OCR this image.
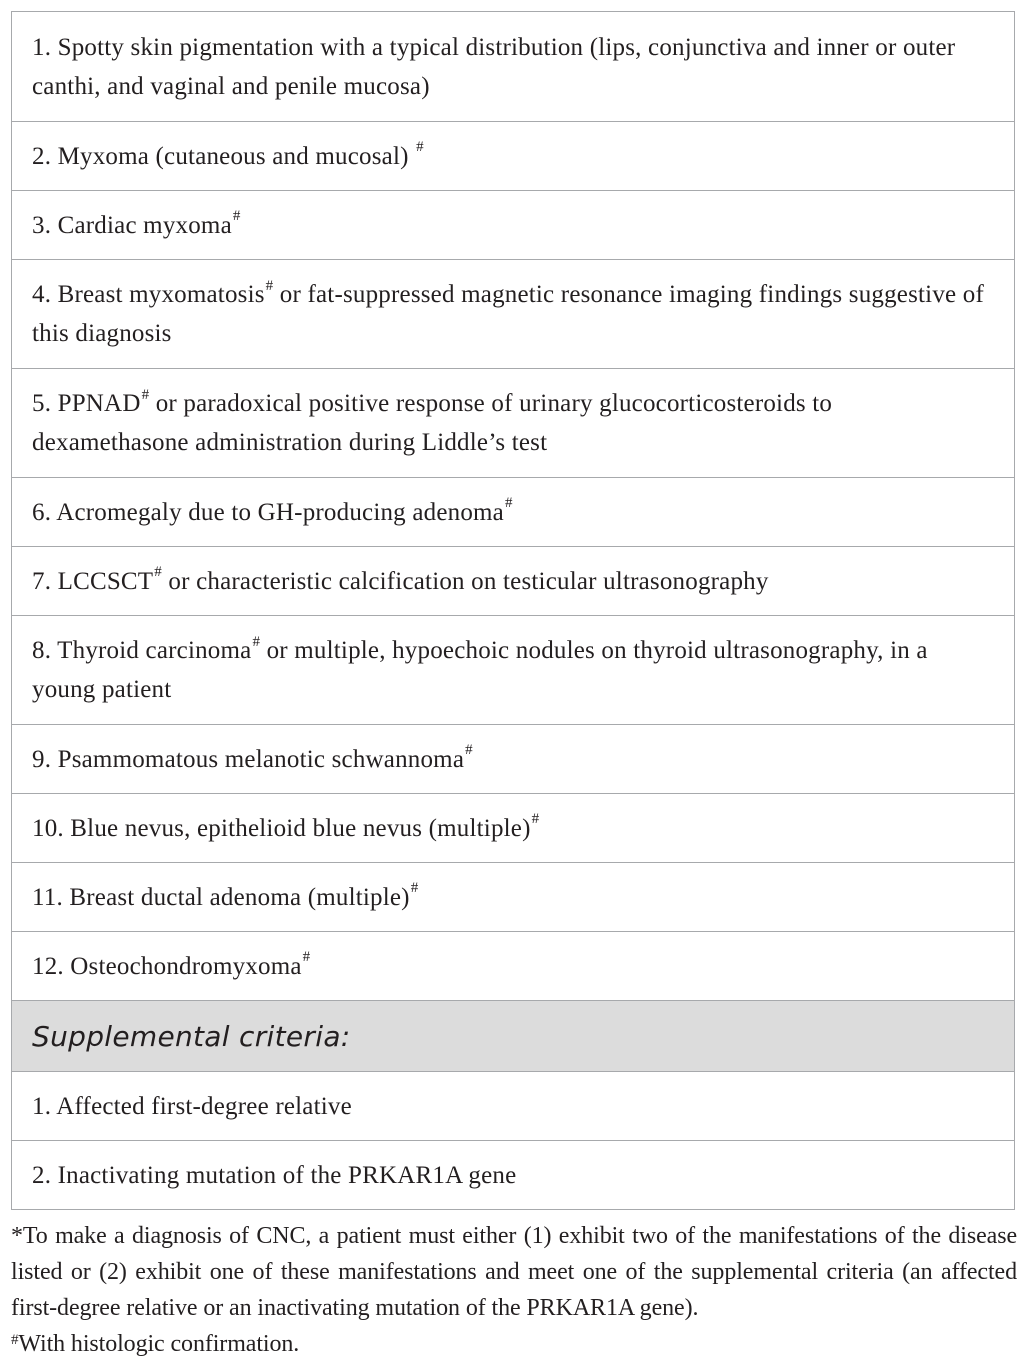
1. Spotty skin pigmentation with a typical distribution (lips, conjunctiva and inner or outer canthi, and vaginal and penile mucosa)
2. Myxoma (cutaneous and mucosal) #
3. Cardiac myxoma#
4. Breast myxomatosis# or fat-suppressed magnetic resonance imaging findings suggestive of this diagnosis
5. PPNAD# or paradoxical positive response of urinary glucocorticosteroids to dexamethasone administration during Liddle’s test
6. Acromegaly due to GH-producing adenoma#
7. LCCSCT# or characteristic calcification on testicular ultrasonography
8. Thyroid carcinoma# or multiple, hypoechoic nodules on thyroid ultrasonography, in a young patient
9. Psammomatous melanotic schwannoma#
10. Blue nevus, epithelioid blue nevus (multiple)#
11. Breast ductal adenoma (multiple)#
12. Osteochondromyxoma#
Supplemental criteria:
1. Affected first-degree relative
2. Inactivating mutation of the PRKAR1A gene

*To make a diagnosis of CNC, a patient must either (1) exhibit two of the manifestations of the disease listed or (2) exhibit one of these manifestations and meet one of the supplemental criteria (an affected first-degree relative or an inactivating mutation of the PRKAR1A gene).

#With histologic confirmation.
